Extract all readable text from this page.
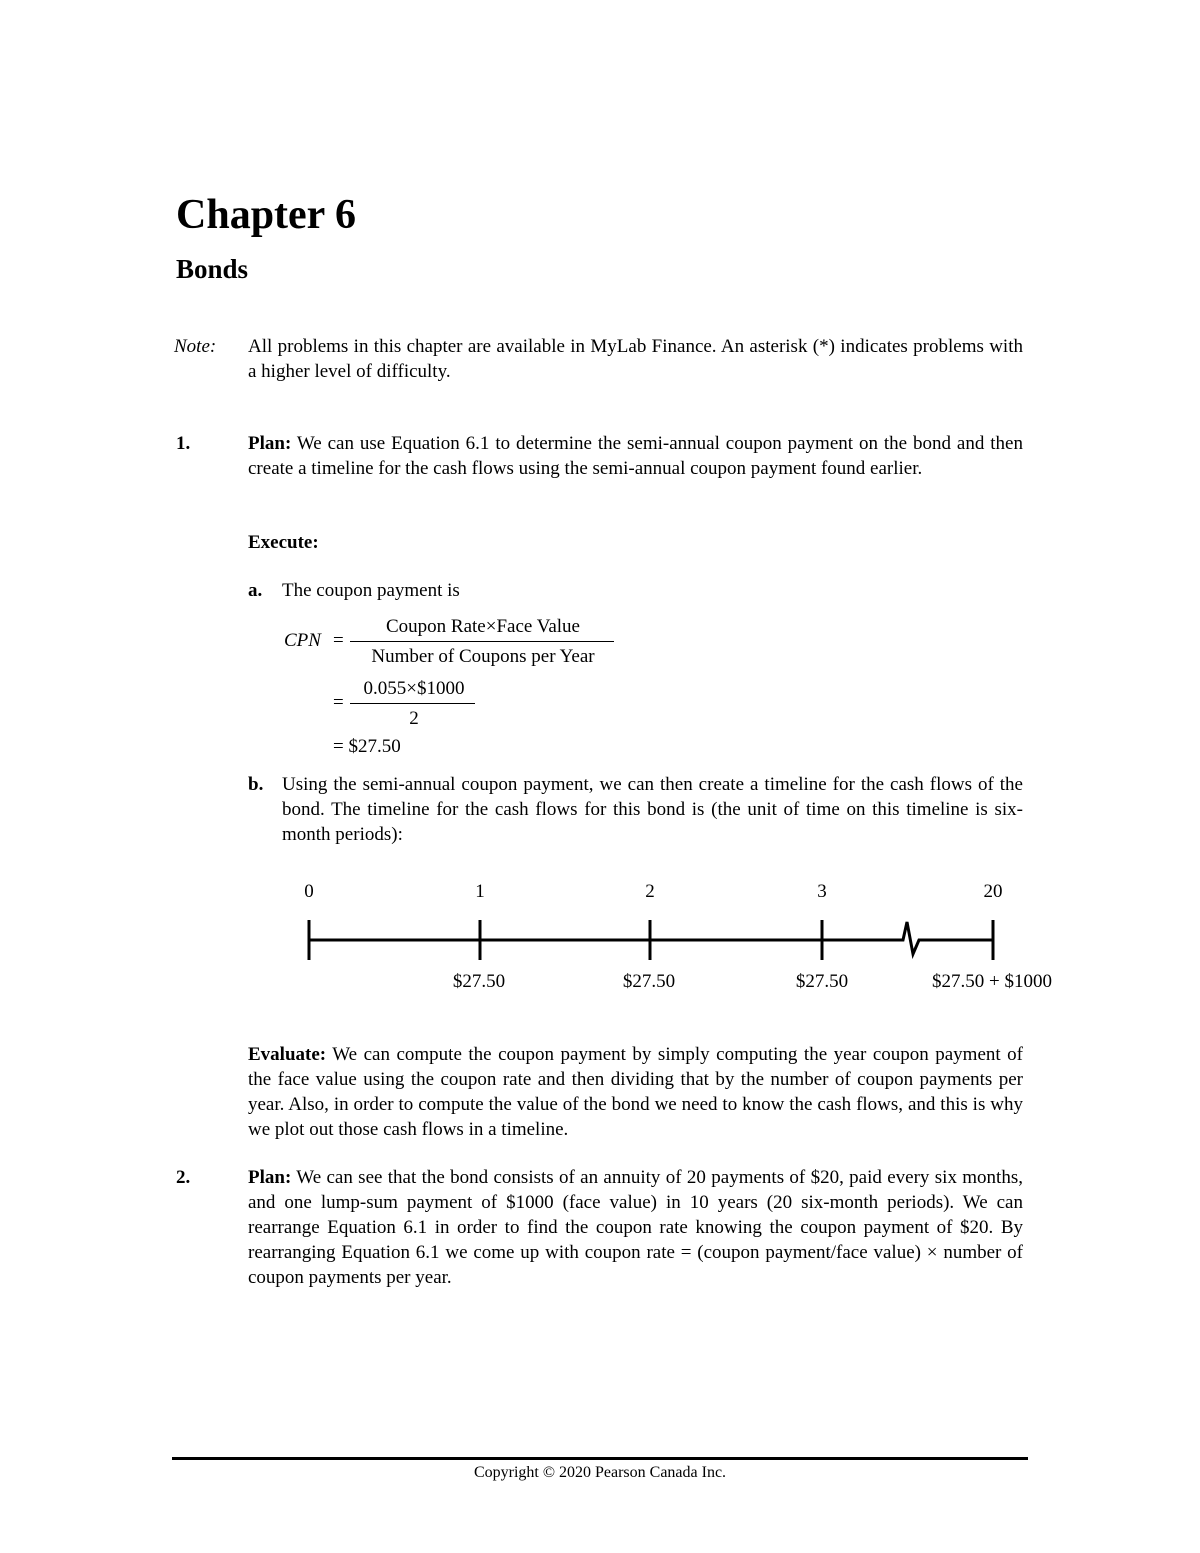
Chapter 6
Bonds
Note: All problems in this chapter are available in MyLab Finance. An asterisk (*) indicates problems with a higher level of difficulty.
1.	Plan: We can use Equation 6.1 to determine the semi-annual coupon payment on the bond and then create a timeline for the cash flows using the semi-annual coupon payment found earlier.
Execute:
a. The coupon payment is
CPN =
Coupon Rate×Face Value
Number of Coupons per Year
=
0.055×$1000
2
= $27.50
b. Using the semi-annual coupon payment, we can then create a timeline for the cash flows of the bond. The timeline for the cash flows for this bond is (the unit of time on this timeline is six-month periods):
0	1	2	3	20
$27.50	$27.50	$27.50	$27.50 + $1000
Evaluate: We can compute the coupon payment by simply computing the year coupon payment of the face value using the coupon rate and then dividing that by the number of coupon payments per year. Also, in order to compute the value of the bond we need to know the cash flows, and this is why we plot out those cash flows in a timeline.
2.	Plan: We can see that the bond consists of an annuity of 20 payments of $20, paid every six months, and one lump-sum payment of $1000 (face value) in 10 years (20 six-month periods). We can rearrange Equation 6.1 in order to find the coupon rate knowing the coupon payment of $20. By rearranging Equation 6.1 we come up with coupon rate = (coupon payment/face value) × number of coupon payments per year.
Copyright © 2020 Pearson Canada Inc.
